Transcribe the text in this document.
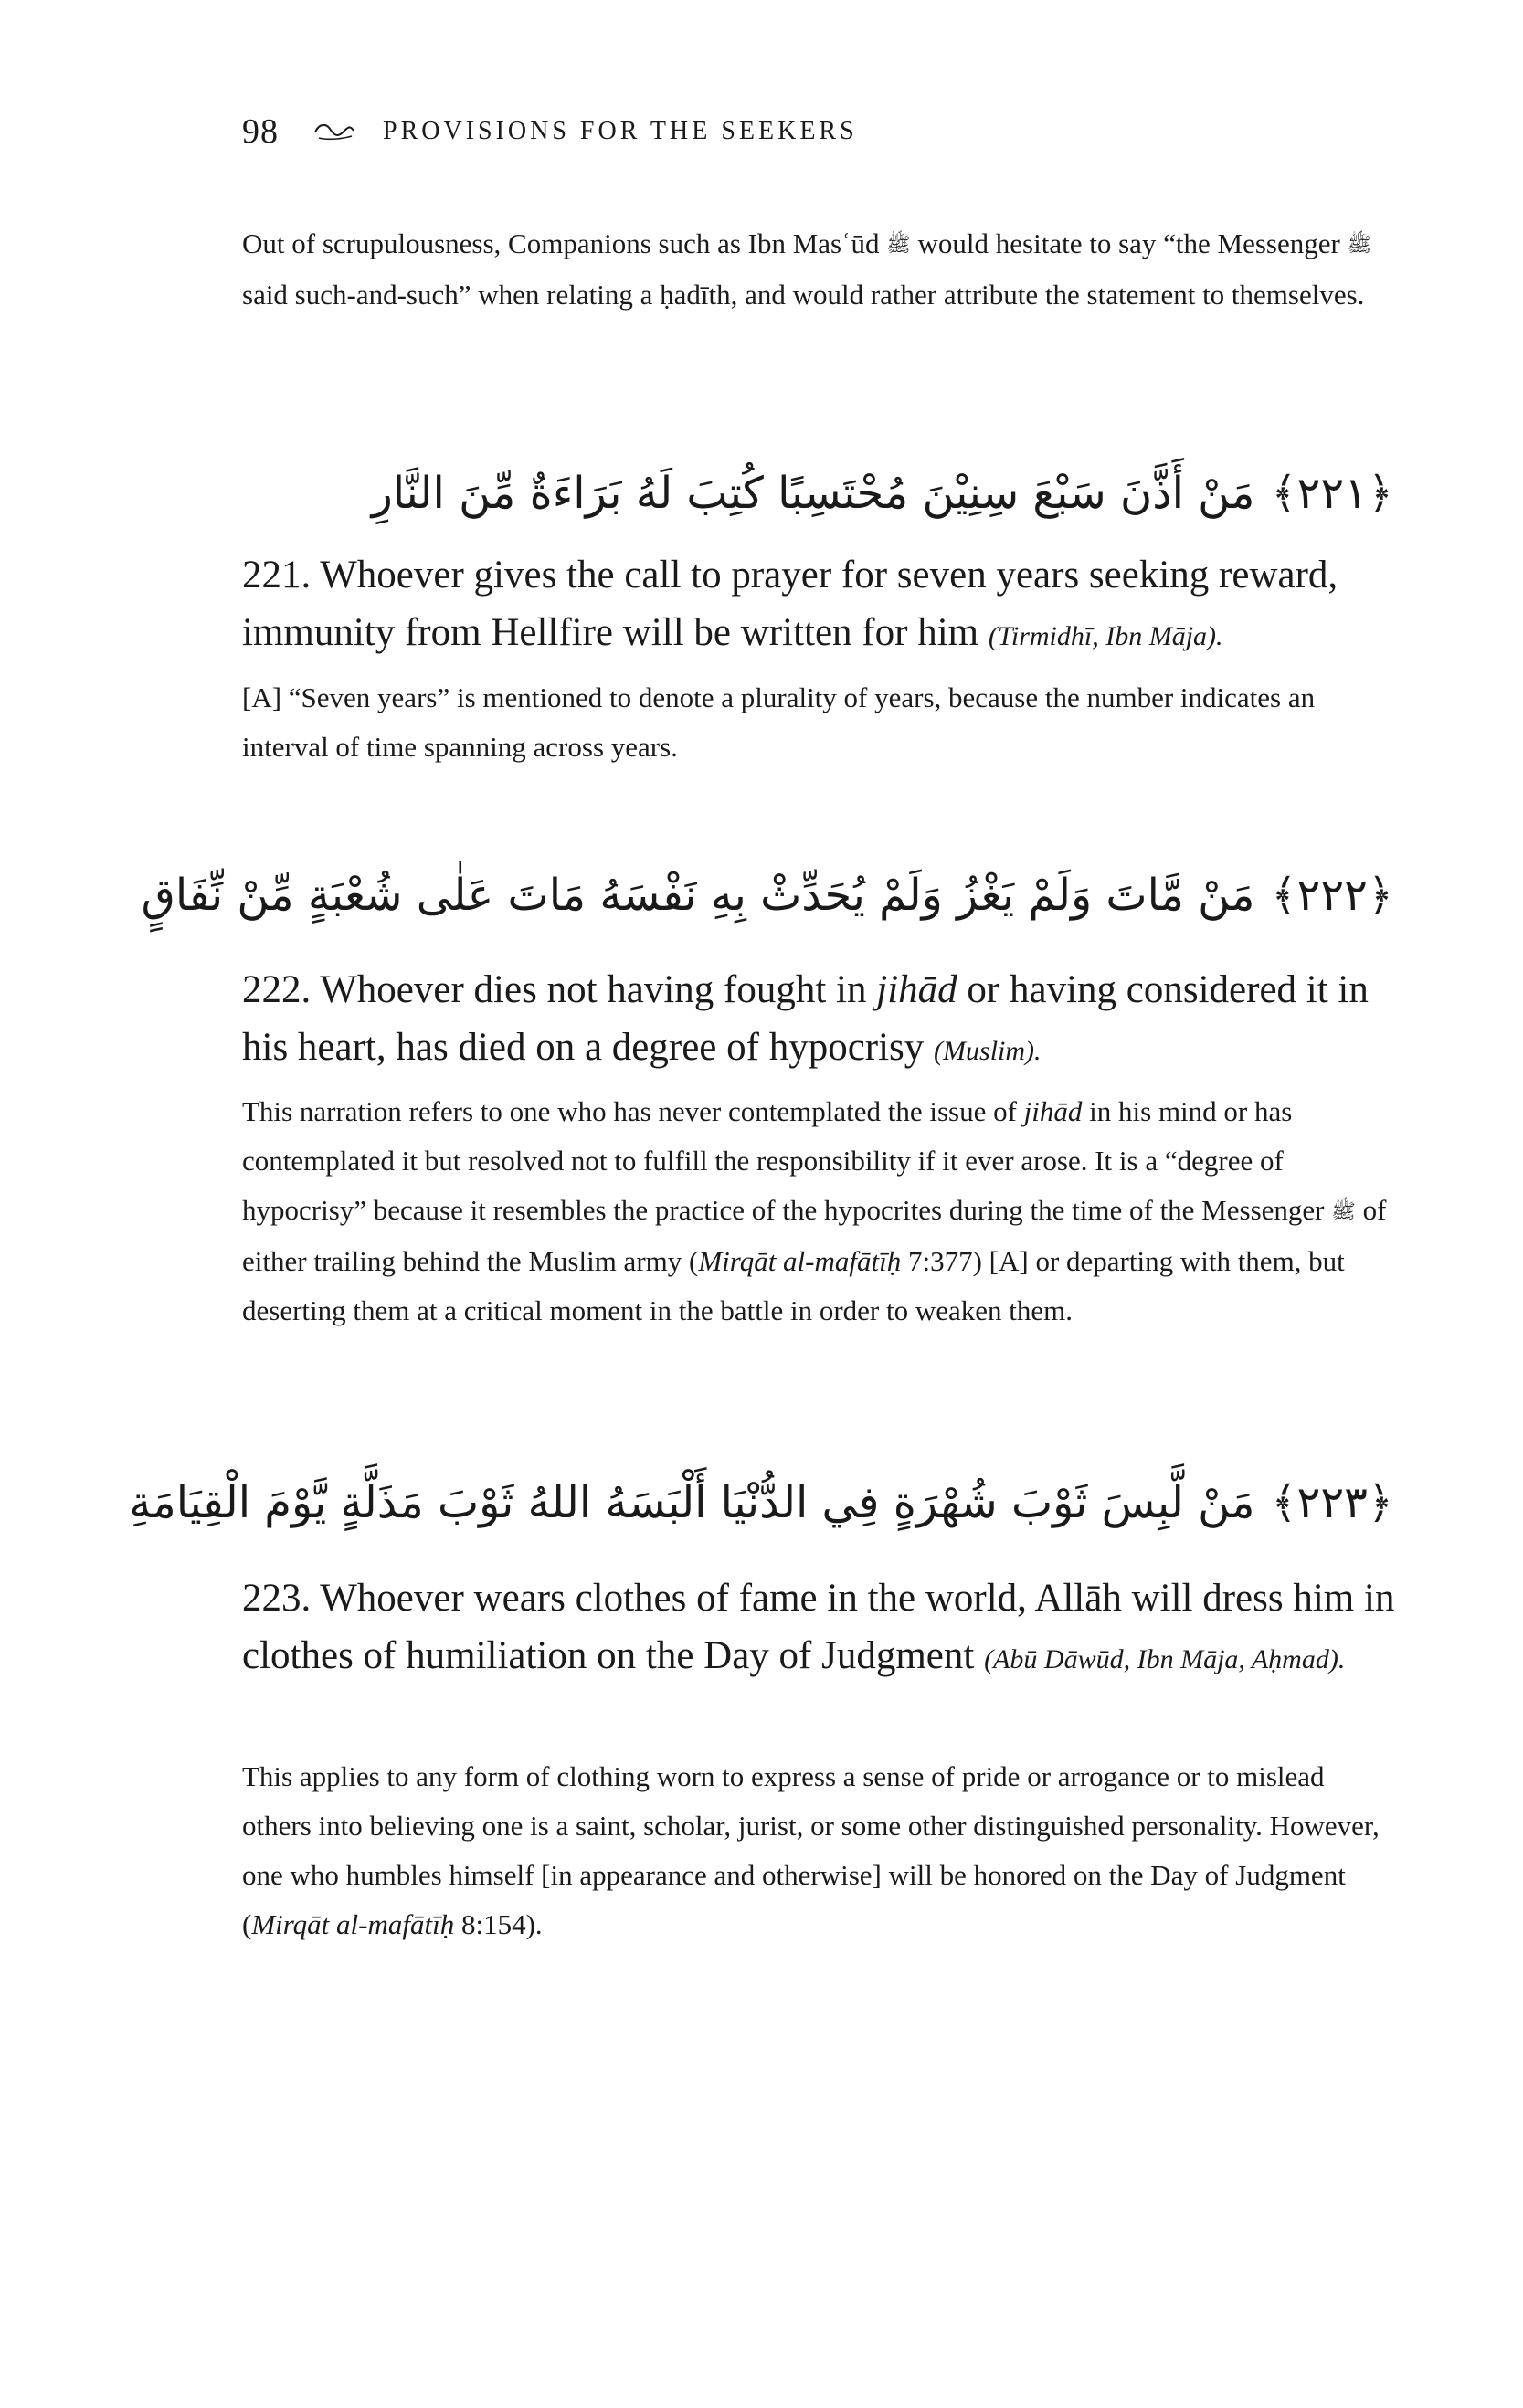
98	PROVISIONS FOR THE SEEKERS

Out of scrupulousness, Companions such as Ibn Masʿūd ﷺ would hesitate to say “the Messenger ﷺ said such-and-such” when relating a ḥadīth, and would rather attribute the statement to themselves.

﴿٢٢١﴾مَنْ أَذَّنَ سَبْعَ سِنِيْنَ مُحْتَسِبًا كُتِبَ لَهُ بَرَاءَةٌ مِّنَ النَّارِ

221. Whoever gives the call to prayer for seven years seeking reward, immunity from Hellfire will be written for him (Tirmidhī, Ibn Māja).

[A] “Seven years” is mentioned to denote a plurality of years, because the number indicates an interval of time spanning across years.

﴿٢٢٢﴾مَنْ مَّاتَ وَلَمْ يَغْزُ وَلَمْ يُحَدِّثْ بِهِ نَفْسَهُ مَاتَ عَلٰى شُعْبَةٍ مِّنْ نِّفَاقٍ

222. Whoever dies not having fought in jihād or having considered it in his heart, has died on a degree of hypocrisy (Muslim).

This narration refers to one who has never contemplated the issue of jihād in his mind or has contemplated it but resolved not to fulfill the responsibility if it ever arose. It is a “degree of hypocrisy” because it resembles the practice of the hypocrites during the time of the Messenger ﷺ of either trailing behind the Muslim army (Mirqāt al-mafātīḥ 7:377) [A] or departing with them, but deserting them at a critical moment in the battle in order to weaken them.

﴿٢٢٣﴾مَنْ لَّبِسَ ثَوْبَ شُهْرَةٍ فِي الدُّنْيَا أَلْبَسَهُ اللهُ ثَوْبَ مَذَلَّةٍ يَّوْمَ الْقِيَامَةِ

223. Whoever wears clothes of fame in the world, Allāh will dress him in clothes of humiliation on the Day of Judgment (Abū Dāwūd, Ibn Māja, Aḥmad).

This applies to any form of clothing worn to express a sense of pride or arrogance or to mislead others into believing one is a saint, scholar, jurist, or some other distinguished personality. However, one who humbles himself [in appearance and otherwise] will be honored on the Day of Judgment (Mirqāt al-mafātīḥ 8:154).
